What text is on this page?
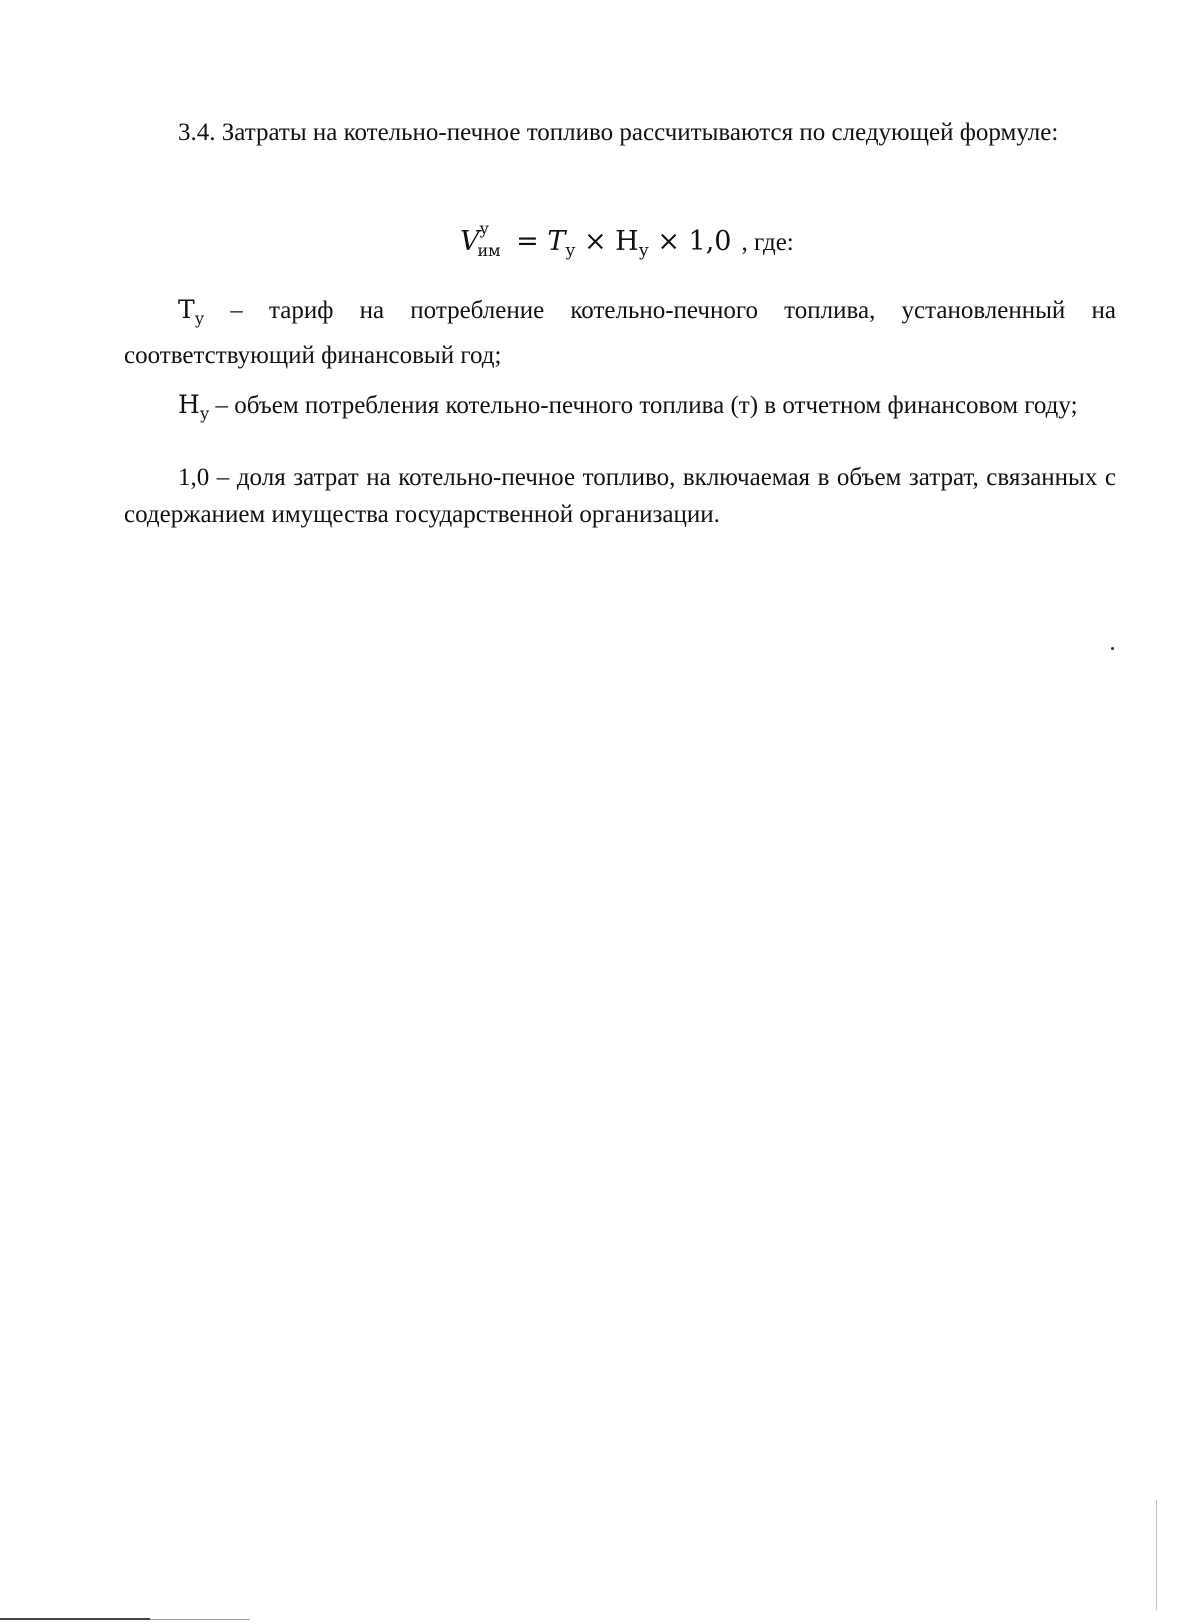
3.4. Затраты на котельно-печное топливо рассчитываются по следующей формуле:

V у
им = $T_у \times Н_у \times 1,0$ , где:

$Т_у$ – тариф на потребление котельно-печного топлива, установленный на соответствующий финансовый год;

$Н_у$ – объем потребления котельно-печного топлива (т) в отчетном финансовом году;

1,0 – доля затрат на котельно-печное топливо, включаемая в объем затрат, связанных с содержанием имущества государственной организации.
